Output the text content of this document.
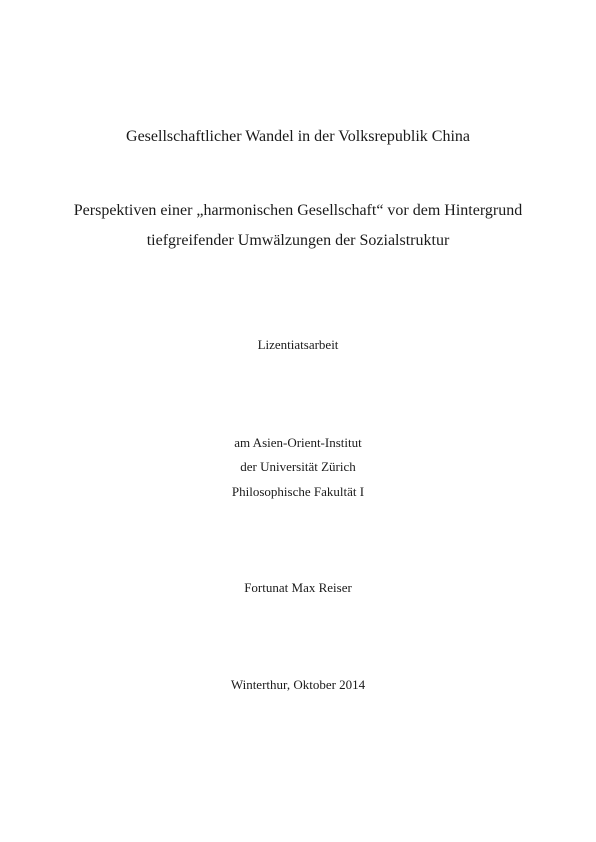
Gesellschaftlicher Wandel in der Volksrepublik China
Perspektiven einer „harmonischen Gesellschaft“ vor dem Hintergrund
tiefgreifender Umwälzungen der Sozialstruktur
Lizentiatsarbeit
am Asien-Orient-Institut
der Universität Zürich
Philosophische Fakultät I
Fortunat Max Reiser
Winterthur, Oktober 2014
